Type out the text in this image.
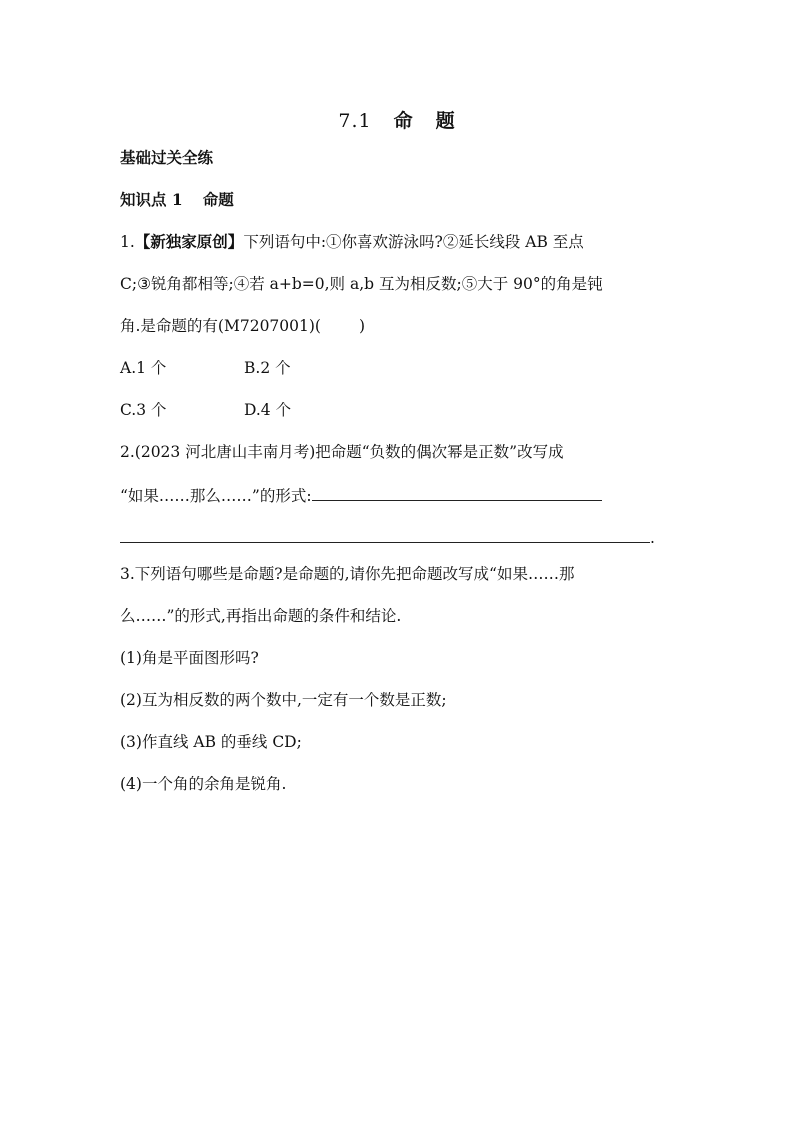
7.1 命 题
基础过关全练
知识点 1 命题
1.【新独家原创】下列语句中:①你喜欢游泳吗?②延长线段 AB 至点
C;③锐角都相等;④若 a+b=0,则 a,b 互为相反数;⑤大于 90°的角是钝
角.是命题的有(M7207001)( )
A.1 个	B.2 个
C.3 个	D.4 个
2.(2023 河北唐山丰南月考)把命题“负数的偶次幂是正数”改写成
“如果……那么……”的形式:
.
3.下列语句哪些是命题?是命题的,请你先把命题改写成“如果……那
么……”的形式,再指出命题的条件和结论.
(1)角是平面图形吗?
(2)互为相反数的两个数中,一定有一个数是正数;
(3)作直线 AB 的垂线 CD;
(4)一个角的余角是锐角.
